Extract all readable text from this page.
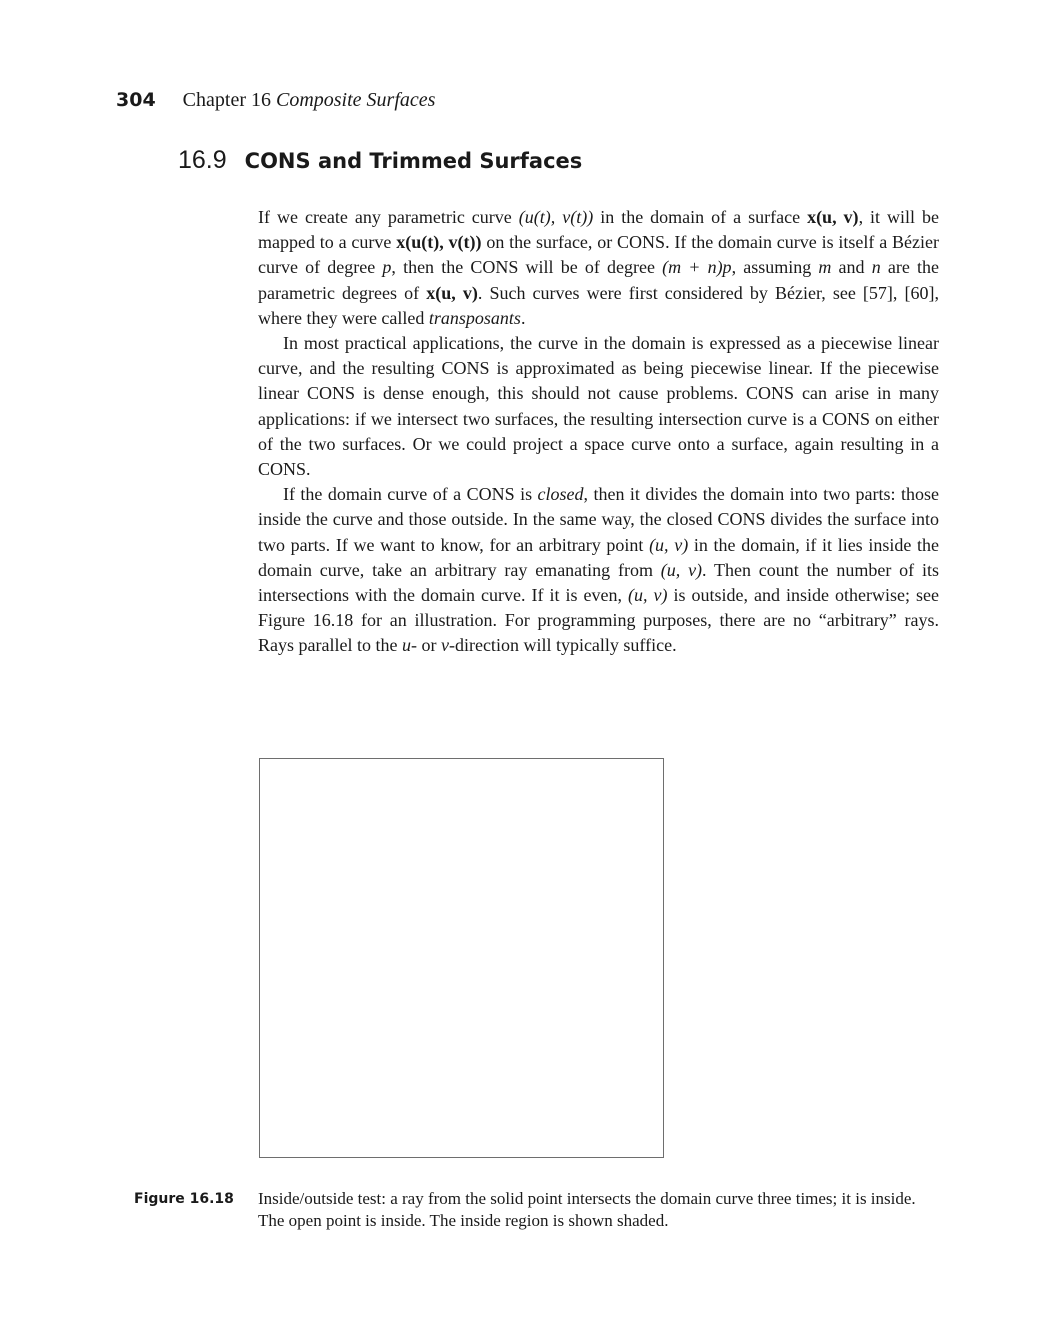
304 Chapter 16 Composite Surfaces
16.9 CONS and Trimmed Surfaces

If we create any parametric curve (u(t), v(t)) in the domain of a surface x(u, v), it will be mapped to a curve x(u(t), v(t)) on the surface, or CONS. If the domain curve is itself a Bézier curve of degree p, then the CONS will be of degree (m + n)p, assuming m and n are the parametric degrees of x(u, v). Such curves were first considered by Bézier, see [57], [60], where they were called transposants.

In most practical applications, the curve in the domain is expressed as a piecewise linear curve, and the resulting CONS is approximated as being piecewise linear. If the piecewise linear CONS is dense enough, this should not cause problems. CONS can arise in many applications: if we intersect two surfaces, the resulting intersection curve is a CONS on either of the two surfaces. Or we could project a space curve onto a surface, again resulting in a CONS.

If the domain curve of a CONS is closed, then it divides the domain into two parts: those inside the curve and those outside. In the same way, the closed CONS divides the surface into two parts. If we want to know, for an arbitrary point (u, v) in the domain, if it lies inside the domain curve, take an arbitrary ray emanating from (u, v). Then count the number of its intersections with the domain curve. If it is even, (u, v) is outside, and inside otherwise; see Figure 16.18 for an illustration. For programming purposes, there are no “arbitrary” rays. Rays parallel to the u- or v-direction will typically suffice.

Figure 16.18 Inside/outside test: a ray from the solid point intersects the domain curve three times; it is inside. The open point is inside. The inside region is shown shaded.
